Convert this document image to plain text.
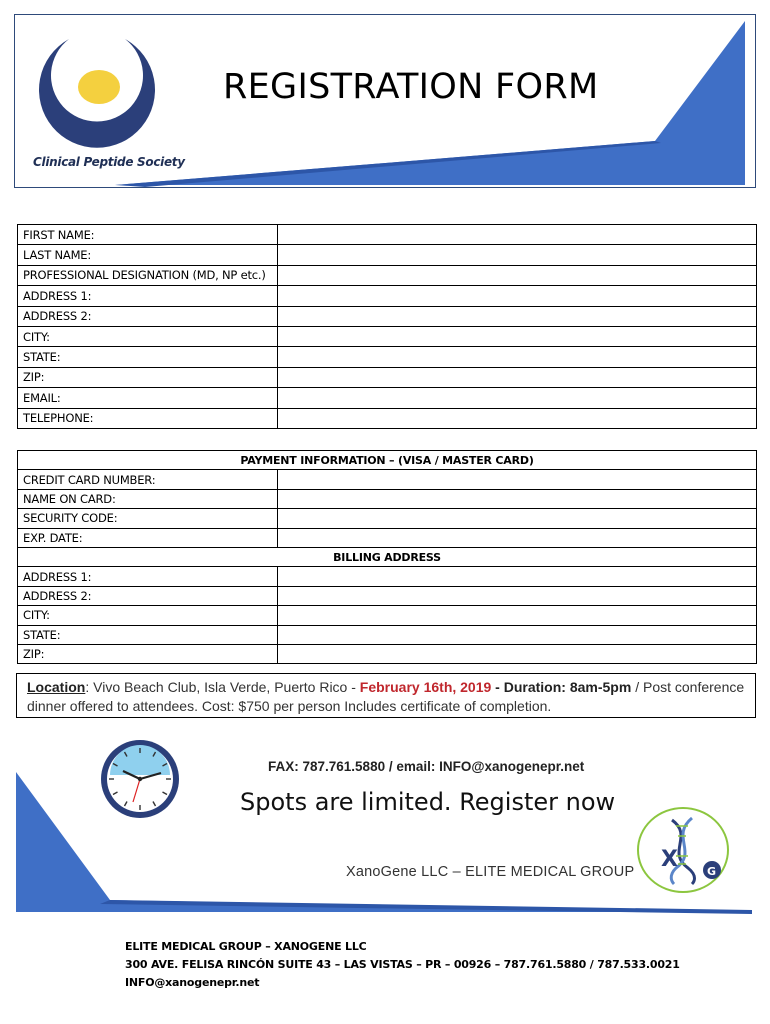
Clinical Peptide Society
REGISTRATION FORM
FIRST NAME:	
LAST NAME:	
PROFESSIONAL DESIGNATION (MD, NP etc.)	
ADDRESS 1:	
ADDRESS 2:	
CITY:	
STATE:	
ZIP:	
EMAIL:	
TELEPHONE:	
PAYMENT INFORMATION – (VISA / MASTER CARD)	
CREDIT CARD NUMBER:	
NAME ON CARD:	
SECURITY CODE:	
EXP. DATE:	
BILLING ADDRESS	
ADDRESS 1:	
ADDRESS 2:	
CITY:	
STATE:	
ZIP:	
Location: Vivo Beach Club, Isla Verde, Puerto Rico - February 16th, 2019 - Duration: 8am-5pm / Post conference dinner offered to attendees. Cost: $750 per person Includes certificate of completion.
FAX: 787.761.5880 / email: INFO@xanogenepr.net
Spots are limited. Register now
XanoGene LLC – ELITE MEDICAL GROUP X	G
ELITE MEDICAL GROUP – XANOGENE LLC
300 AVE. FELISA RINCÓN SUITE 43 – LAS VISTAS – PR – 00926 – 787.761.5880 / 787.533.0021
INFO@xanogenepr.net
